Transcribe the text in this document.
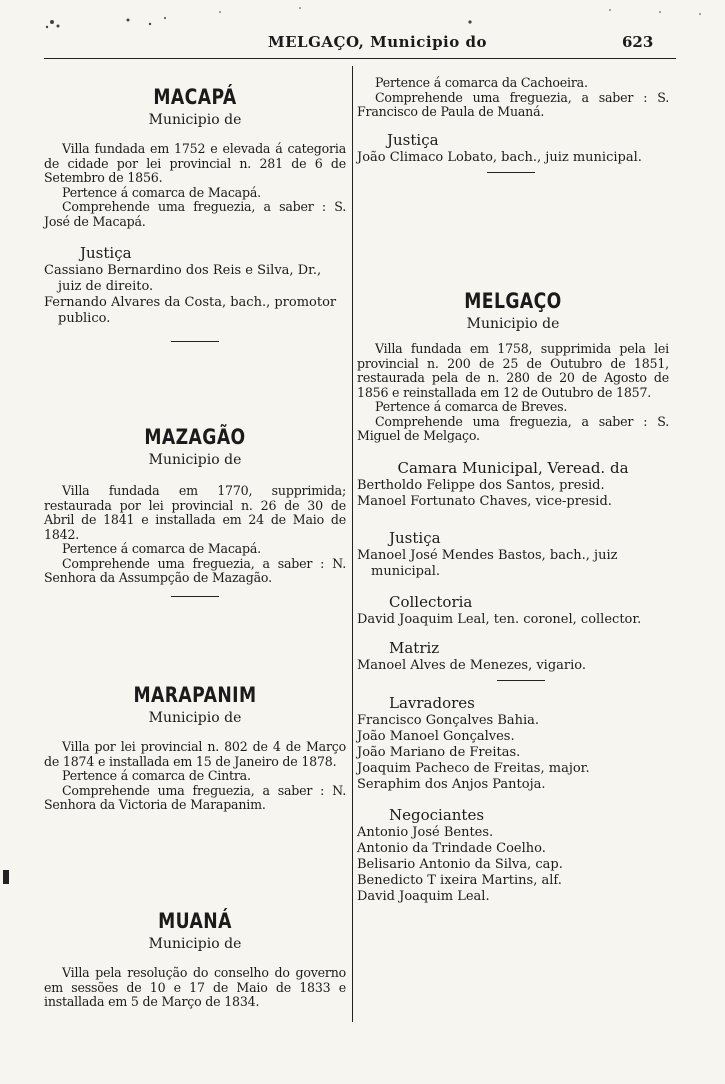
MELGAÇO, Municipio do	623
MACAPÁ

Municipio de

Villa fundada em 1752 e elevada á categoria de cidade por lei provincial n. 281 de 6 de Setembro de 1856.

Pertence á comarca de Macapá.

Comprehende uma freguezia, a saber : S. José de Macapá.

Justiça

Cassiano Bernardino dos Reis e Silva, Dr., juiz de direito.

Fernando Alvares da Costa, bach., promotor publico.

MAZAGÃO

Municipio de

Villa fundada em 1770, supprimida; restaurada por lei provincial n. 26 de 30 de Abril de 1841 e installada em 24 de Maio de 1842.

Pertence á comarca de Macapá.

Comprehende uma freguezia, a saber : N. Senhora da Assumpção de Mazagão.

MARAPANIM

Municipio de

Villa por lei provincial n. 802 de 4 de Março de 1874 e installada em 15 de Janeiro de 1878.

Pertence á comarca de Cintra.

Comprehende uma freguezia, a saber : N. Senhora da Victoria de Marapanim.

MUANÁ

Municipio de

Villa pela resolução do conselho do governo em sessões de 10 e 17 de Maio de 1833 e installada em 5 de Março de 1834.

Pertence á comarca da Cachoeira.

Comprehende uma freguezia, a saber : S. Francisco de Paula de Muaná.

Justiça

João Climaco Lobato, bach., juiz municipal.

MELGAÇO

Municipio de

Villa fundada em 1758, supprimida pela lei provincial n. 200 de 25 de Outubro de 1851, restaurada pela de n. 280 de 20 de Agosto de 1856 e reinstallada em 12 de Outubro de 1857.

Pertence á comarca de Breves.

Comprehende uma freguezia, a saber : S. Miguel de Melgaço.

Camara Municipal, Veread. da

Bertholdo Felippe dos Santos, presid.

Manoel Fortunato Chaves, vice-presid.

Justiça

Manoel José Mendes Bastos, bach., juiz municipal.

Collectoria

David Joaquim Leal, ten. coronel, collector.

Matriz

Manoel Alves de Menezes, vigario.

Lavradores

Francisco Gonçalves Bahia.

João Manoel Gonçalves.

João Mariano de Freitas.

Joaquim Pacheco de Freitas, major.

Seraphim dos Anjos Pantoja.

Negociantes

Antonio José Bentes.

Antonio da Trindade Coelho.

Belisario Antonio da Silva, cap.

Benedicto T ixeira Martins, alf.

David Joaquim Leal.
